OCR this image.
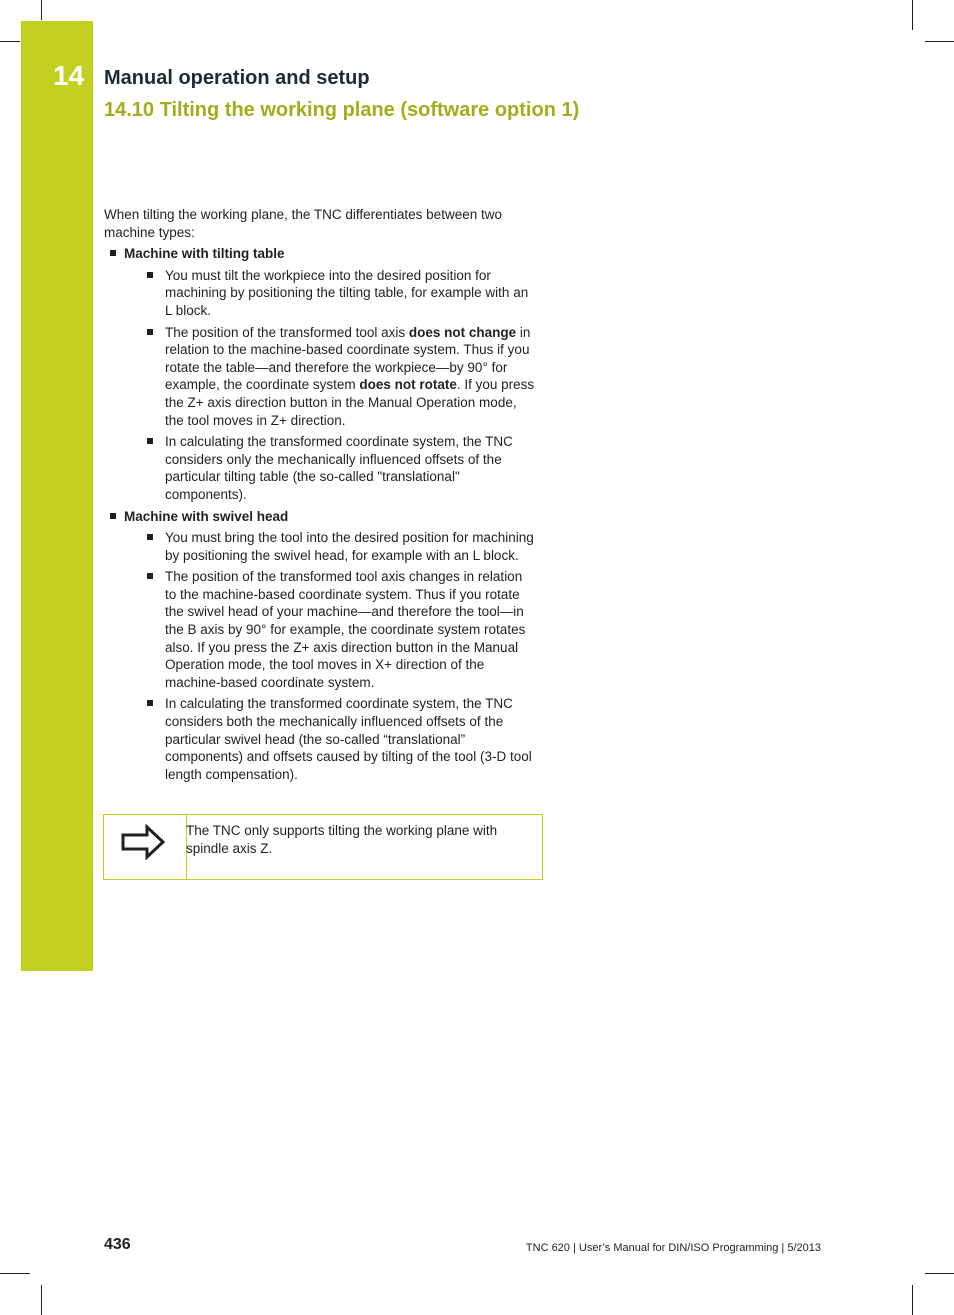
14 Manual operation and setup
14.10 Tilting the working plane (software option 1)

When tilting the working plane, the TNC differentiates between two machine types:

Machine with tilting table
You must tilt the workpiece into the desired position for machining by positioning the tilting table, for example with an L block.
The position of the transformed tool axis does not change in relation to the machine-based coordinate system. Thus if you rotate the table—and therefore the workpiece—by 90° for example, the coordinate system does not rotate. If you press the Z+ axis direction button in the Manual Operation mode, the tool moves in Z+ direction.
In calculating the transformed coordinate system, the TNC considers only the mechanically influenced offsets of the particular tilting table (the so-called "translational" components).
Machine with swivel head
You must bring the tool into the desired position for machining by positioning the swivel head, for example with an L block.
The position of the transformed tool axis changes in relation to the machine-based coordinate system. Thus if you rotate the swivel head of your machine—and therefore the tool—in the B axis by 90° for example, the coordinate system rotates also. If you press the Z+ axis direction button in the Manual Operation mode, the tool moves in X+ direction of the machine-based coordinate system.
In calculating the transformed coordinate system, the TNC considers both the mechanically influenced offsets of the particular swivel head (the so-called “translational” components) and offsets caused by tilting of the tool (3-D tool length compensation).
The TNC only supports tilting the working plane with spindle axis Z.
436	TNC 620 | User’s Manual for DIN/ISO Programming | 5/2013
